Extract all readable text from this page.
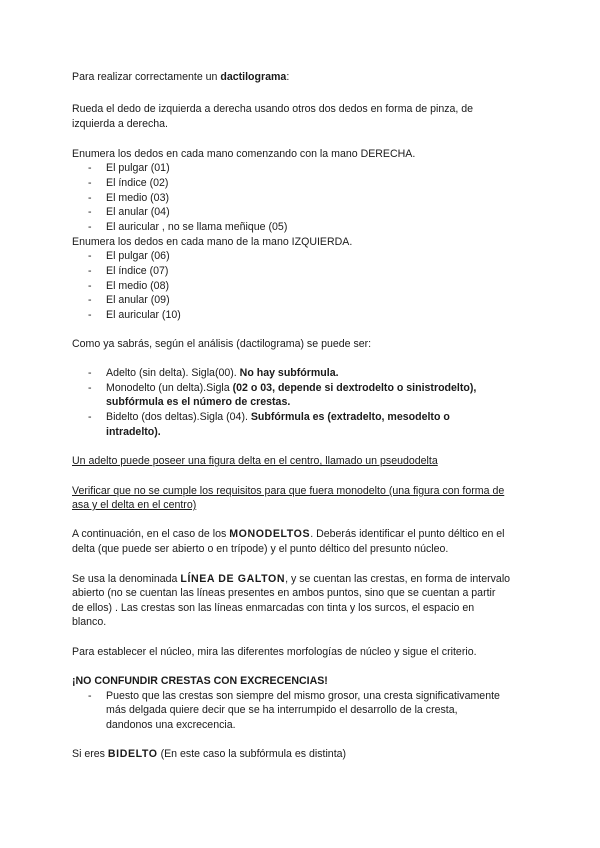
Para realizar correctamente un dactilograma:

Rueda el dedo de izquierda a derecha usando otros dos dedos en forma de pinza, de

izquierda a derecha.

Enumera los dedos en cada mano comenzando con la mano DERECHA.

- El pulgar (01)

- El índice (02)

- El medio (03)

- El anular (04)

- El auricular , no se llama meñique (05)

Enumera los dedos en cada mano de la mano IZQUIERDA.

- El pulgar (06)

- El índice (07)

- El medio (08)

- El anular (09)

- El auricular (10)

Como ya sabrás, según el análisis (dactilograma) se puede ser:

- Adelto (sin delta). Sigla(00). No hay subfórmula.

- Monodelto (un delta).Sigla (02 o 03, depende si dextrodelto o sinistrodelto),

subfórmula es el número de crestas.

- Bidelto (dos deltas).Sigla (04). Subfórmula es (extradelto, mesodelto o

intradelto).

Un adelto puede poseer una figura delta en el centro, llamado un pseudodelta

Verificar que no se cumple los requisitos para que fuera monodelto (una figura con forma de

asa y el delta en el centro)

A continuación, en el caso de los MONODELTOS. Deberás identificar el punto déltico en el

delta (que puede ser abierto o en trípode) y el punto déltico del presunto núcleo.

Se usa la denominada LÍNEA DE GALTON, y se cuentan las crestas, en forma de intervalo

abierto (no se cuentan las líneas presentes en ambos puntos, sino que se cuentan a partir

de ellos) . Las crestas son las líneas enmarcadas con tinta y los surcos, el espacio en

blanco.

Para establecer el núcleo, mira las diferentes morfologías de núcleo y sigue el criterio.

¡NO CONFUNDIR CRESTAS CON EXCRECENCIAS!

- Puesto que las crestas son siempre del mismo grosor, una cresta significativamente

más delgada quiere decir que se ha interrumpido el desarrollo de la cresta,

dandonos una excrecencia.

Si eres BIDELTO (En este caso la subfórmula es distinta)
